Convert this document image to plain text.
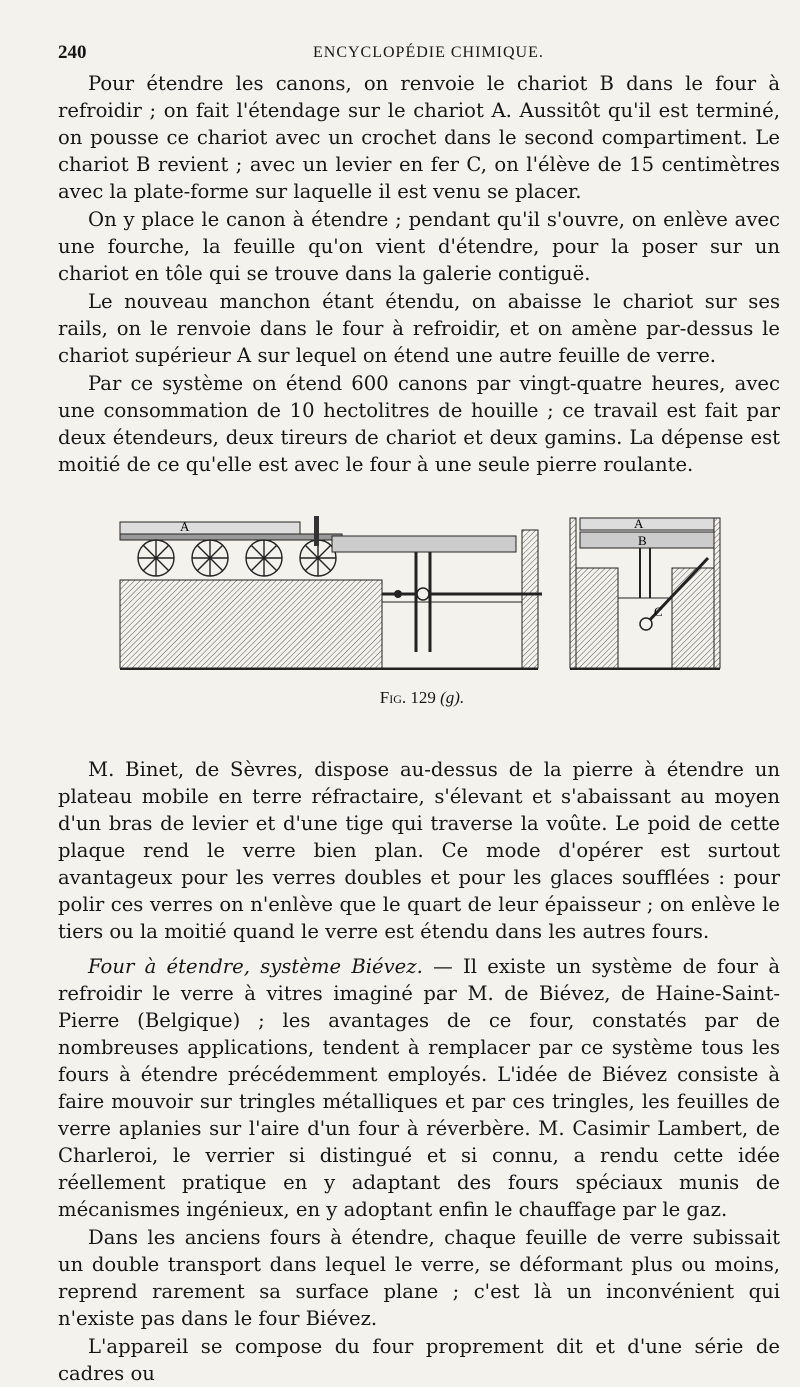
240	ENCYCLOPÉDIE CHIMIQUE.

Pour étendre les canons, on renvoie le chariot B dans le four à refroidir ; on fait l'étendage sur le chariot A. Aussitôt qu'il est terminé, on pousse ce chariot avec un crochet dans le second compartiment. Le chariot B revient ; avec un levier en fer C, on l'élève de 15 centimètres avec la plate-forme sur laquelle il est venu se placer.

On y place le canon à étendre ; pendant qu'il s'ouvre, on enlève avec une fourche, la feuille qu'on vient d'étendre, pour la poser sur un chariot en tôle qui se trouve dans la galerie contiguë.

Le nouveau manchon étant étendu, on abaisse le chariot sur ses rails, on le renvoie dans le four à refroidir, et on amène par-dessus le chariot supérieur A sur lequel on étend une autre feuille de verre.

Par ce système on étend 600 canons par vingt-quatre heures, avec une consommation de 10 hectolitres de houille ; ce travail est fait par deux étendeurs, deux tireurs de chariot et deux gamins. La dépense est moitié de ce qu'elle est avec le four à une seule pierre roulante.

A	A
B
C
Fig. 129 (g).

M. Binet, de Sèvres, dispose au-dessus de la pierre à étendre un plateau mobile en terre réfractaire, s'élevant et s'abaissant au moyen d'un bras de levier et d'une tige qui traverse la voûte. Le poid de cette plaque rend le verre bien plan. Ce mode d'opérer est surtout avantageux pour les verres doubles et pour les glaces soufflées : pour polir ces verres on n'enlève que le quart de leur épaisseur ; on enlève le tiers ou la moitié quand le verre est étendu dans les autres fours.

Four à étendre, système Biévez. — Il existe un système de four à refroidir le verre à vitres imaginé par M. de Biévez, de Haine-Saint-Pierre (Belgique) ; les avantages de ce four, constatés par de nombreuses applications, tendent à remplacer par ce système tous les fours à étendre précédemment employés. L'idée de Biévez consiste à faire mouvoir sur tringles métalliques et par ces tringles, les feuilles de verre aplanies sur l'aire d'un four à réverbère. M. Casimir Lambert, de Charleroi, le verrier si distingué et si connu, a rendu cette idée réellement pratique en y adaptant des fours spéciaux munis de mécanismes ingénieux, en y adoptant enfin le chauffage par le gaz.

Dans les anciens fours à étendre, chaque feuille de verre subissait un double transport dans lequel le verre, se déformant plus ou moins, reprend rarement sa surface plane ; c'est là un inconvénient qui n'existe pas dans le four Biévez.

L'appareil se compose du four proprement dit et d'une série de cadres ou
